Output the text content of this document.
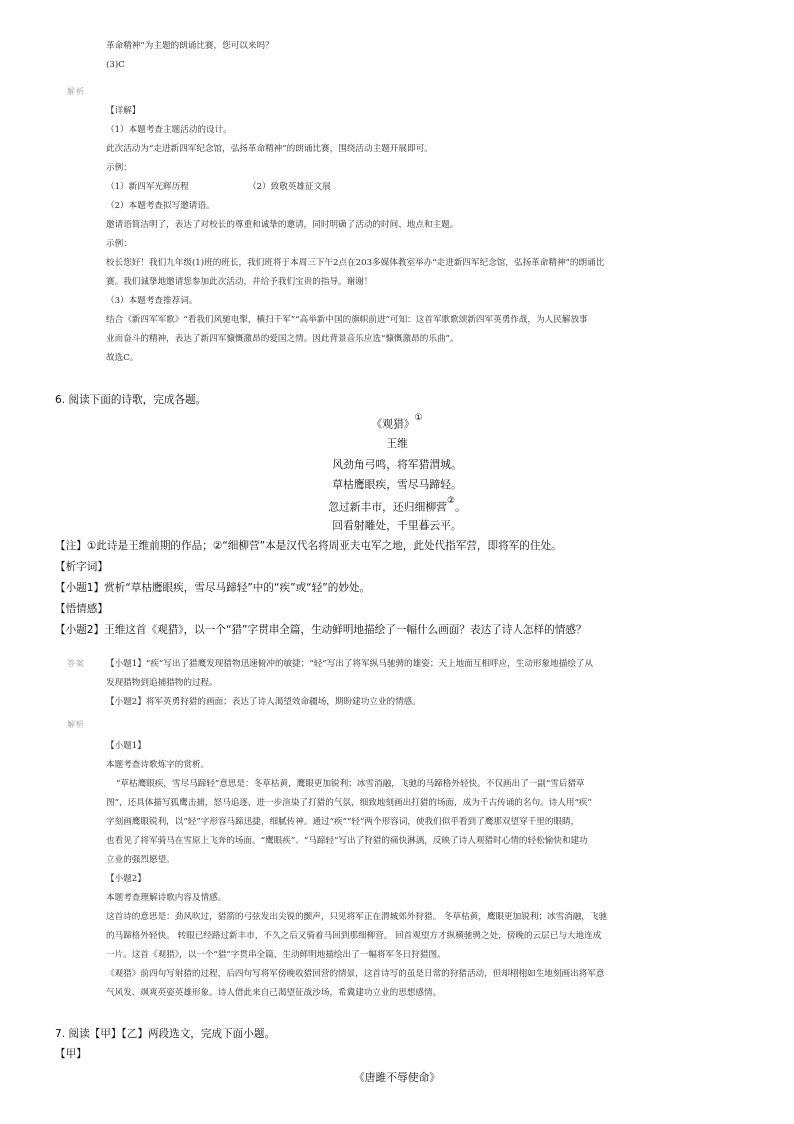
革命精神”为主题的朗诵比赛，您可以来吗？
(3)C
解析
【详解】
（1）本题考查主题活动的设计。
此次活动为“走进新四军纪念馆，弘扬革命精神”的朗诵比赛，围绕活动主题开展即可。
示例：
（1）新四军光辉历程	（2）致敬英雄征文展
（2）本题考查拟写邀请语。
邀请语简洁明了，表达了对校长的尊重和诚挚的邀请，同时明确了活动的时间、地点和主题。
示例：
校长您好！我们九年级(1)班的班长，我们班将于本周三下午2点在203多媒体教室举办“走进新四军纪念馆，弘扬革命精神”的朗诵比
赛。我们诚挚地邀请您参加此次活动，并给予我们宝贵的指导。谢谢！
（3）本题考查推荐词。
结合《新四军军歌》“看我们风驰电掣，横扫千军”“高举新中国的旗帜前进”可知：这首军歌歌颂新四军英勇作战，为人民解放事
业而奋斗的精神，表达了新四军慷慨激昂的爱国之情。因此背景音乐应选“慷慨激昂的乐曲”。
故选C。
6. 阅读下面的诗歌，完成各题。
《观猎》①
王维
风劲角弓鸣，将军猎渭城。
草枯鹰眼疾，雪尽马蹄轻。
忽过新丰市，还归细柳营②。
回看射雕处，千里暮云平。
【注】①此诗是王维前期的作品；②“细柳营”本是汉代名将周亚夫屯军之地，此处代指军营，即将军的住处。
【析字词】
【小题1】赏析“草枯鹰眼疾，雪尽马蹄轻”中的“疾”或“轻”的妙处。
【悟情感】
【小题2】王维这首《观猎》，以一个“猎”字贯串全篇，生动鲜明地描绘了一幅什么画面？表达了诗人怎样的情感？
答案 【小题1】“疾”写出了猎鹰发现猎物迅速俯冲的敏捷；“轻”写出了将军纵马驰骋的雄姿；天上地面互相呼应，生动形象地描绘了从
发现猎物到追捕猎物的过程。
【小题2】将军英勇狩猎的画面；表达了诗人渴望效命疆场，期盼建功立业的情感。
解析
【小题1】
本题考查诗歌炼字的赏析。
“草枯鹰眼疾，雪尽马蹄轻”意思是：冬草枯黄，鹰眼更加锐利；冰雪消融，飞驰的马蹄格外轻快。不仅画出了一副“雪后猎草
图”，还具体描写狐鹰击捕，怒马追逐，进一步渲染了打猎的气氛，细致地刻画出打猎的场面，成为千古传诵的名句。诗人用“疾”
字刻画鹰眼锐利，以“轻”字形容马蹄迅捷，细腻传神。通过“疾”“轻”两个形容词，使我们似乎看到了鹰那双望穿千里的眼睛，
也看见了将军骑马在雪原上飞奔的场面。“鹰眼疾”、“马蹄轻”写出了狩猎的痛快淋漓，反映了诗人观猎时心情的轻松愉快和建功
立业的强烈愿望。
【小题2】
本题考查理解诗歌内容及情感。
这首诗的意思是：劲风吹过，猎箭的弓弦发出尖锐的颤声，只见将军正在渭城郊外狩猎。 冬草枯黄，鹰眼更加锐利；冰雪消融，飞驰
的马蹄格外轻快。 转眼已经路过新丰市，不久之后又骑着马回到那细柳营。 回首观望方才纵横驰骋之处，傍晚的云层已与大地连成
一片。这首《观猎》，以一个“猎”字贯串全篇，生动鲜明地描绘出了一幅将军冬日狩猎图。
《观猎》前四句写射猎的过程，后四句写将军傍晚收猎回营的情景，这首诗写的虽是日常的狩猎活动，但却栩栩如生地刻画出将军意
气风发、飒爽英姿英雄形象。诗人借此来自己渴望征战沙场，希冀建功立业的思想感情。
7. 阅读【甲】【乙】两段选文，完成下面小题。
【甲】
《唐雎不辱使命》
